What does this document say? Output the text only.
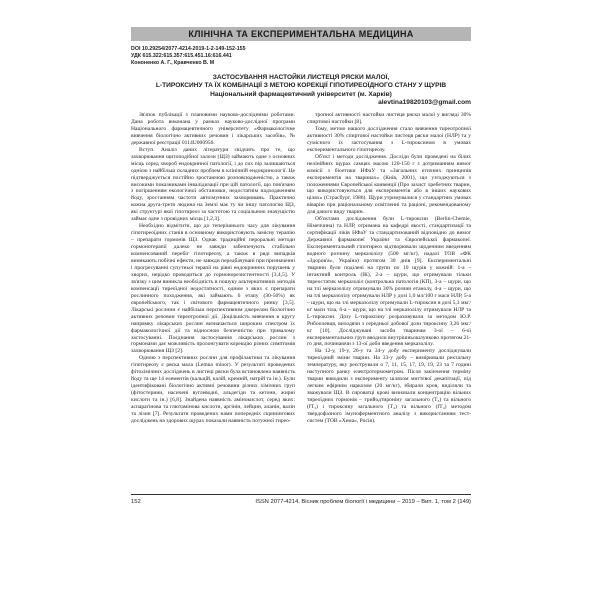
КЛІНІЧНА ТА ЕКСПЕРИМЕНТАЛЬНА МЕДИЦИНА
DOI 10.29254/2077-4214-2019-1-2-149-152-155
УДК 615.322:615.357:615.451.16:616.441
Кононенко А. Г., Кравченко В. М
ЗАСТОСУВАННЯ НАСТОЙКИ ЛИСТЕЦЯ РЯСКИ МАЛОЇ,
L-ТИРОКСИНУ ТА ЇХ КОМБІНАЦІЇ З МЕТОЮ КОРЕКЦІЇ ГІПОТИРЕОЇДНОГО СТАНУ У ЩУРІВ
Національний фармацевтичний університет (м. Харків)
alevtina19820103@gmail.com

Зв'язок публікації з плановими науково-дослідними роботами. Дана робота виконана у рамках науково-дослідної програми Національного фармацевтичного університету «Фармакологічне вивчення біологічно активних речовин і лікарських засобів», № державної реєстрації 0114U000956.

Вступ. Аналіз даних літератури свідчить про те, що захворювання щитоподібної залози (ЩЗ) займають одне з основних місць серед хвороб ендокринної патології, і до сих пір залишаються однією з найбільш складних проблем в клінічній ендокринології. Це підтверджується постійно зростаючою розповсюдженістю, а також високими показниками інвалідизації при цій патології, що пов'язано з погіршенням екологічної обстановки, недостатнім надходженням йоду, зростанням частоти автоімунних захворювань. Практично кожна друга-третя людина на Землі має ту чи іншу патологію ЩЗ, які структурі якої гіпотиреоз за частотою та соціальною значущістю займає одне з провідних місць [1,2,3].

Необхідно відмітити, що до теперішнього часу для лікування гіпотиреоїдних станів в основному використовують замісну терапію – препарати гормонів ЩЗ. Однак традиційні пероральні методи гормонотерапії далеко не завжди забезпечують стабільно компенсований перебіг гіпотиреозу, а також в ряді випадків виникають побічні ефекти, не завжди передбачувані при призначенні і прогресуванні супутньої терапії на рівні ендокринних порушень у хворих, нерідко проводиться до гормонорезистентності [3,4,5]. У зв'язку з цим виникла необхідність в пошуку альтернативних методів компенсації тиреоїдної недостатності, одним з яких є препарати рослинного походження, які займають 6 етапу (30-50%) як європейського, так і світового фармацевтичного ринку [3,5]. Лікарські рослини є найбільш перспективним джерелом біологічно активних речовин тиреотропної дії. Доцільність вивчення в кругу напрямку лікарських рослин визначається широким спектром їх фармакологічної дії та відносною безпечністю при тривалому застосуванні. Поєднання застосування лікарських рослин з гормонами дає можливість пролонгувати корекцію різних симптомів захворювання ЩЗ [2].

Одною з перспективних рослин для профілактики та лікування гіпотиреозу є ряска мала (Lemna minor). У результаті проведених фітохімічних досліджень в листеці ряски була встановлена наявність йоду та ще 14 елементів (кальцій, калій, кремній, натрій та ін.). Були ідентифіковані біологічно активні речовини різних хімічних груп (фітостерини, насичені вуглеводні, альдегіди та кетони, жирні кислоти та ін.) [6,8]. Знайдена наявність амінокислот, серед яких: аспарагінова та глютамінова кислоти, аргінін, лейцин, аланін, валін та лізин [7]. Результати проведених нами попередніх скринінгових досліджень на здорових щурах показали наявність потужної тирео-

тропної активності настойки листеця ряски малої у вигляді 30% спиртової настойки [8].

Тому, метою нашого дослідження стало вивчення тиреотропної активності 30% спиртової настойки листеця ряски малої (НЛР) та у сумісного їх застосування з L-тироксином в умовах експериментального гіпотиреозу.

Об'єкт і методи дослідження. Досліди були проведені на білих нелінійних щурах самцях масою 120-150 г з дотриманням вимог комісії з біоетики НФаУ та «Загальних етичних принципів експериментів на тваринах» (Київ, 2001), що узгоджуються з положеннями Європейської конвенції (Про захист хребетних тварин, що використовуються для експериментів або в інших наукових цілях» (Страсбург, 1986). Щури утримувалися у стандартних умовах віварію при раціональному освітленні та раціоні, рекомендованому для даного виду тварин.

Об'єктами дослідження були L-тироксин (Berlin-Chemie, Німеччина) та НЛР, отримана на кафедрі якості, стандартизації та сертифікації ліків НФаУ та стандартизований відповідно до вимог Державної фармакопеї України та Європейської фармакопеї. Експериментальний гіпотиреоз відтворювали щоденним введенням водного розчину мерказолілу (500 мг/кг), надалі ТОВ «ФК «Здоров'я», Україна) протягом 30 днів [9]. Експериментальні тварини були поділені на групи по 10 щурів у кожній: 1-а – інтактний контроль (ІК), 2-а – щури, що отримували тільки тиреостатик мерказоліл (контрольна патологія (КП), 3-а – щури, що на тлі мерказолілу отримували 30% розчин етанолу, 4-а – щури, що на тлі мерказолілу отримували НЛР у дозі 1,0 мл/100 г маси НЛР, 5-а – щури, що на тлі мерказолілу отримували L-тироксин в дозі 5,3 мкг/кг маси тіла, 6-а – щури, що на тлі мерказолілу отримували НЛР та L-тироксин. Дозу L-тироксину розраховували за методом Ю.Р. Рибоплевця, виходячи з середньої добової дози тироксину 3,26 мкг/кг [10]. Досліджувані засоби тваринам 3-ої – 6-ої експериментальних груп вводили внутрішньошлунково протягом 21-го дня, починаючи з 13-ої доби введення мерказолілу.

На 12-у, 19-у, 26-у та 34-у добу експерименту досліджували тиреоїдний зміни тварин. На 33-у добу – вимірювали ректальну температуру, яку реєстрували о 7, 11, 15, 17, 19, 19, 23 та 7 годині наступного ранку електротермометром. Після закінчення терміну тварин виводили з експерименту шляхом миттєвої декапітації, під легким ефірним наркозом (20 мг/кг), збирали кров, виділяли та зважували ЩЗ. В сироватці крові визначали концентрацію вільних тиреоїдних гормонів – трийодтироніну загального (Т₃) та вільного (fТ₃) і тироксину загального (Т₄) та вільного (fТ₄) методом твердофазного імуноферментного аналізу з використанням тест-систем (ТОВ «Хема», Росія).

152	ISSN 2077-4214. Вісник проблем біології і медицини – 2019 – Вип. 1, том 2 (149)
